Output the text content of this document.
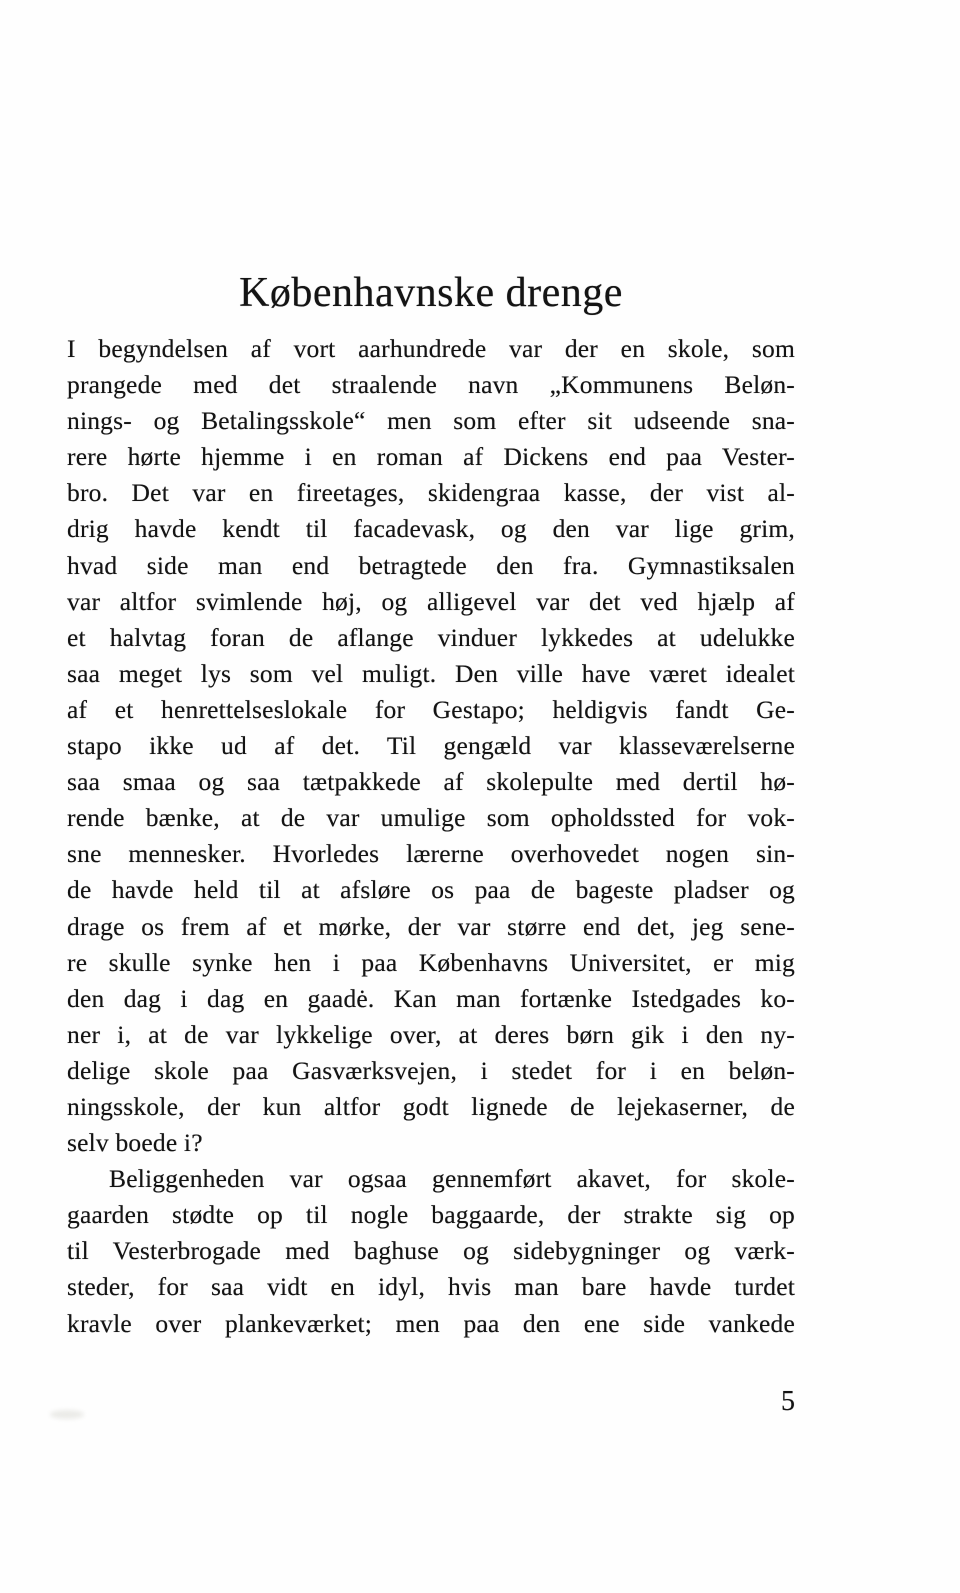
Københavnske drenge
I begyndelsen af vort aarhundrede var der en skole, som
prangede med det straalende navn „Kommunens Beløn-
nings- og Betalingsskole“ men som efter sit udseende sna-
rere hørte hjemme i en roman af Dickens end paa Vester-
bro. Det var en fireetages, skidengraa kasse, der vist al-
drig havde kendt til facadevask, og den var lige grim,
hvad side man end betragtede den fra. Gymnastiksalen
var altfor svimlende høj, og alligevel var det ved hjælp af
et halvtag foran de aflange vinduer lykkedes at udelukke
saa meget lys som vel muligt. Den ville have været idealet
af et henrettelseslokale for Gestapo; heldigvis fandt Ge-
stapo ikke ud af det. Til gengæld var klasseværelserne
saa smaa og saa tætpakkede af skolepulte med dertil hø-
rende bænke, at de var umulige som opholdssted for vok-
sne mennesker. Hvorledes lærerne overhovedet nogen sin-
de havde held til at afsløre os paa de bageste pladser og
drage os frem af et mørke, der var større end det, jeg sene-
re skulle synke hen i paa Københavns Universitet, er mig
den dag i dag en gaadė. Kan man fortænke Istedgades ko-
ner i, at de var lykkelige over, at deres børn gik i den ny-
delige skole paa Gasværksvejen, i stedet for i en beløn-
ningsskole, der kun altfor godt lignede de lejekaserner, de
selv boede i?
Beliggenheden var ogsaa gennemført akavet, for skole-
gaarden stødte op til nogle baggaarde, der strakte sig op
til Vesterbrogade med baghuse og sidebygninger og værk-
steder, for saa vidt en idyl, hvis man bare havde turdet
kravle over plankeværket; men paa den ene side vankede
5
